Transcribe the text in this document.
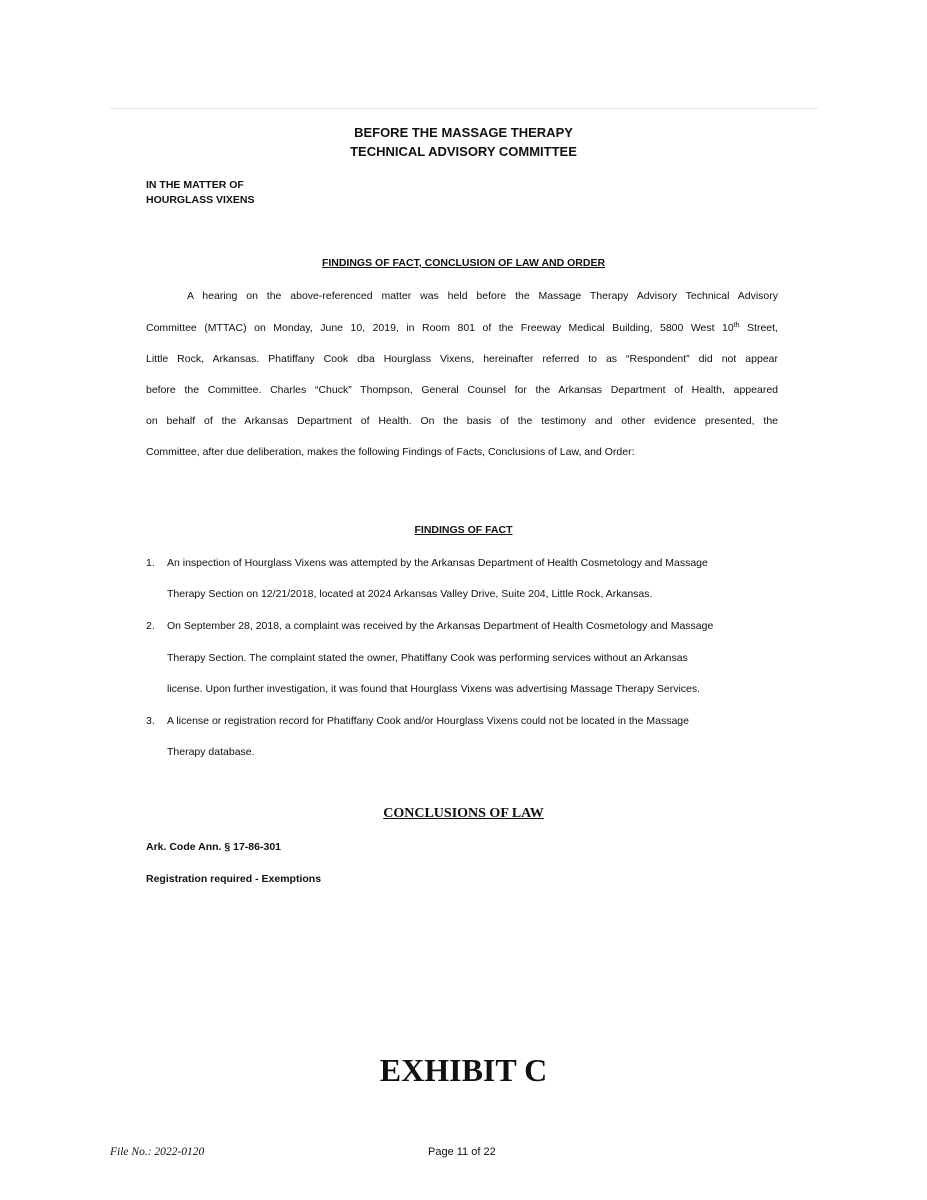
BEFORE THE MASSAGE THERAPY
TECHNICAL ADVISORY COMMITTEE
IN THE MATTER OF
HOURGLASS VIXENS
FINDINGS OF FACT, CONCLUSION OF LAW AND ORDER
A hearing on the above-referenced matter was held before the Massage Therapy Advisory Technical Advisory
Committee (MTTAC) on Monday, June 10, 2019, in Room 801 of the Freeway Medical Building, 5800 West 10th Street,
Little Rock, Arkansas. Phatiffany Cook dba Hourglass Vixens, hereinafter referred to as “Respondent” did not appear
before the Committee. Charles “Chuck” Thompson, General Counsel for the Arkansas Department of Health, appeared
on behalf of the Arkansas Department of Health. On the basis of the testimony and other evidence presented, the
Committee, after due deliberation, makes the following Findings of Facts, Conclusions of Law, and Order:
FINDINGS OF FACT
1. An inspection of Hourglass Vixens was attempted by the Arkansas Department of Health Cosmetology and Massage
Therapy Section on 12/21/2018, located at 2024 Arkansas Valley Drive, Suite 204, Little Rock, Arkansas.
2. On September 28, 2018, a complaint was received by the Arkansas Department of Health Cosmetology and Massage
Therapy Section. The complaint stated the owner, Phatiffany Cook was performing services without an Arkansas
license. Upon further investigation, it was found that Hourglass Vixens was advertising Massage Therapy Services.
3. A license or registration record for Phatiffany Cook and/or Hourglass Vixens could not be located in the Massage
Therapy database.
CONCLUSIONS OF LAW
Ark. Code Ann. § 17-86-301
Registration required - Exemptions
EXHIBIT C
File No.: 2022-0120	Page 11 of 22
